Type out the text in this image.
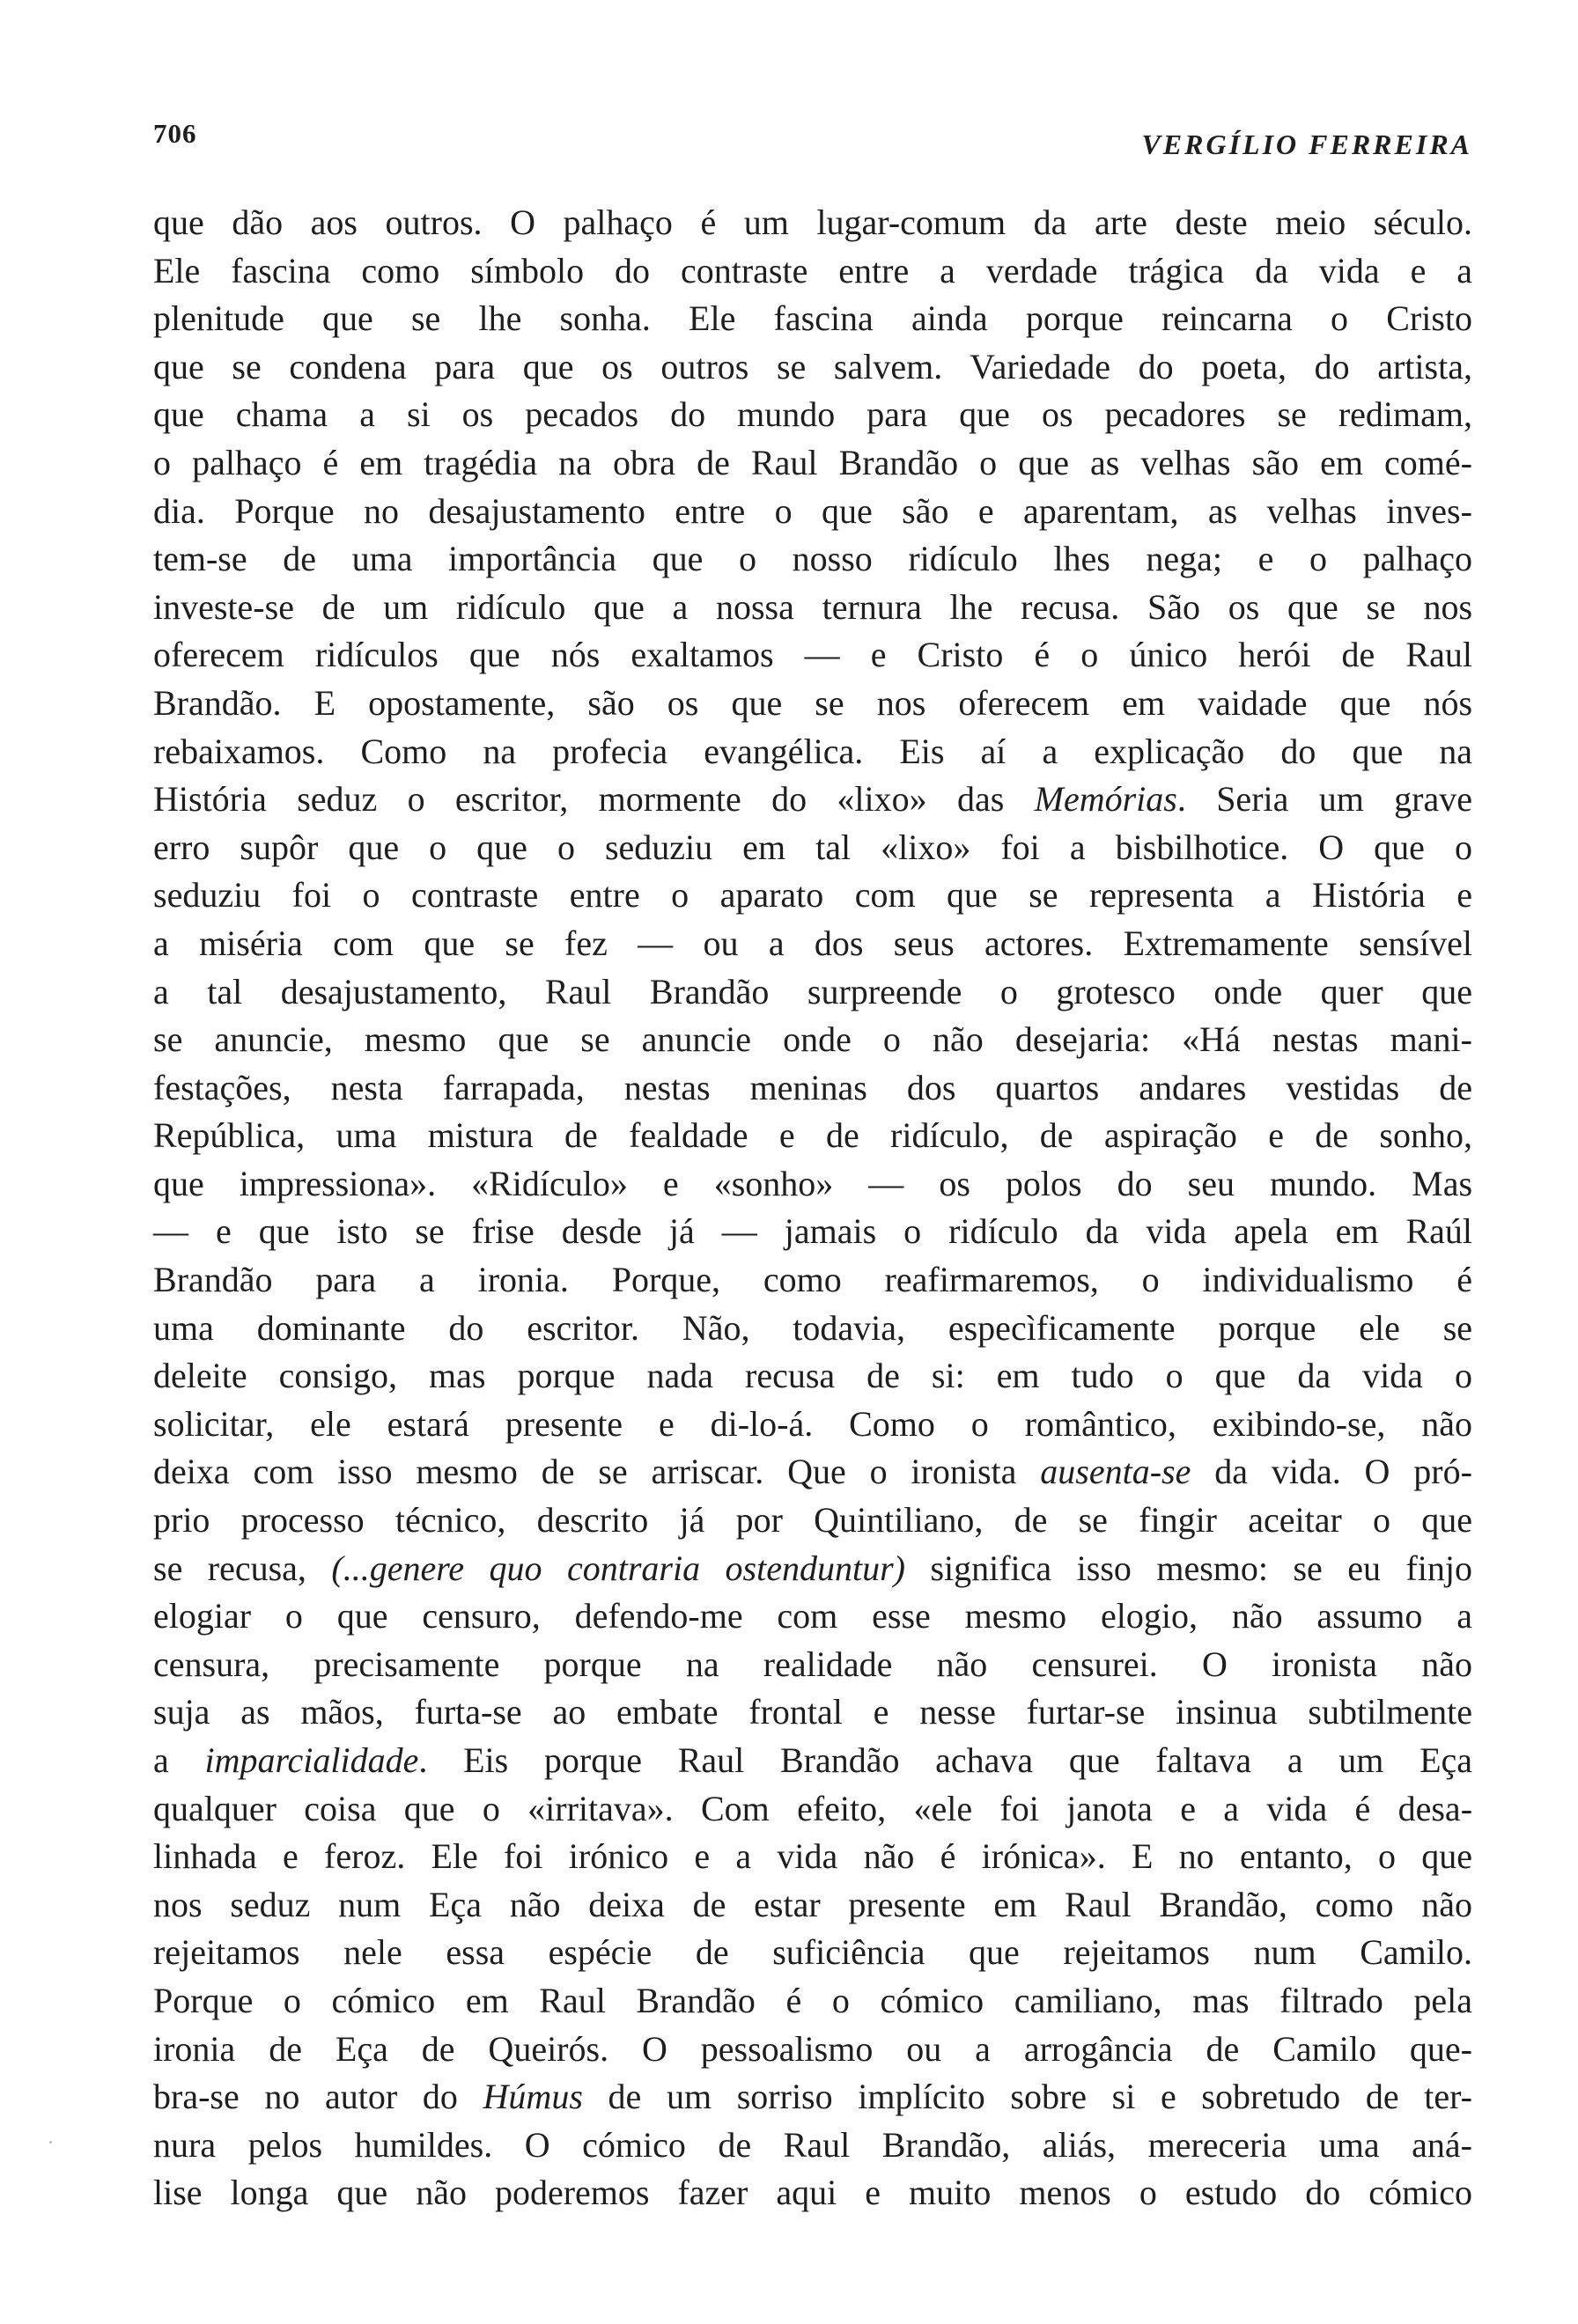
706	VERGÍLIO FERREIRA
que dão aos outros. O palhaço é um lugar-comum da arte deste meio século.
Ele fascina como símbolo do contraste entre a verdade trágica da vida e a
plenitude que se lhe sonha. Ele fascina ainda porque reincarna o Cristo
que se condena para que os outros se salvem. Variedade do poeta, do artista,
que chama a si os pecados do mundo para que os pecadores se redimam,
o palhaço é em tragédia na obra de Raul Brandão o que as velhas são em comé-
dia. Porque no desajustamento entre o que são e aparentam, as velhas inves-
tem-se de uma importância que o nosso ridículo lhes nega; e o palhaço
investe-se de um ridículo que a nossa ternura lhe recusa. São os que se nos
oferecem ridículos que nós exaltamos — e Cristo é o único herói de Raul
Brandão. E opostamente, são os que se nos oferecem em vaidade que nós
rebaixamos. Como na profecia evangélica. Eis aí a explicação do que na
História seduz o escritor, mormente do «lixo» das Memórias. Seria um grave
erro supôr que o que o seduziu em tal «lixo» foi a bisbilhotice. O que o
seduziu foi o contraste entre o aparato com que se representa a História e
a miséria com que se fez — ou a dos seus actores. Extremamente sensível
a tal desajustamento, Raul Brandão surpreende o grotesco onde quer que
se anuncie, mesmo que se anuncie onde o não desejaria: «Há nestas mani-
festações, nesta farrapada, nestas meninas dos quartos andares vestidas de
República, uma mistura de fealdade e de ridículo, de aspiração e de sonho,
que impressiona». «Ridículo» e «sonho» — os polos do seu mundo. Mas
— e que isto se frise desde já — jamais o ridículo da vida apela em Raúl
Brandão para a ironia. Porque, como reafirmaremos, o individualismo é
uma dominante do escritor. Não, todavia, especìficamente porque ele se
deleite consigo, mas porque nada recusa de si: em tudo o que da vida o
solicitar, ele estará presente e di-lo-á. Como o romântico, exibindo-se, não
deixa com isso mesmo de se arriscar. Que o ironista ausenta-se da vida. O pró-
prio processo técnico, descrito já por Quintiliano, de se fingir aceitar o que
se recusa, (...genere quo contraria ostenduntur) significa isso mesmo: se eu finjo
elogiar o que censuro, defendo-me com esse mesmo elogio, não assumo a
censura, precisamente porque na realidade não censurei. O ironista não
suja as mãos, furta-se ao embate frontal e nesse furtar-se insinua subtilmente
a imparcialidade. Eis porque Raul Brandão achava que faltava a um Eça
qualquer coisa que o «irritava». Com efeito, «ele foi janota e a vida é desa-
linhada e feroz. Ele foi irónico e a vida não é irónica». E no entanto, o que
nos seduz num Eça não deixa de estar presente em Raul Brandão, como não
rejeitamos nele essa espécie de suficiência que rejeitamos num Camilo.
Porque o cómico em Raul Brandão é o cómico camiliano, mas filtrado pela
ironia de Eça de Queirós. O pessoalismo ou a arrogância de Camilo que-
bra-se no autor do Húmus de um sorriso implícito sobre si e sobretudo de ter-
nura pelos humildes. O cómico de Raul Brandão, aliás, mereceria uma aná-
lise longa que não poderemos fazer aqui e muito menos o estudo do cómico
